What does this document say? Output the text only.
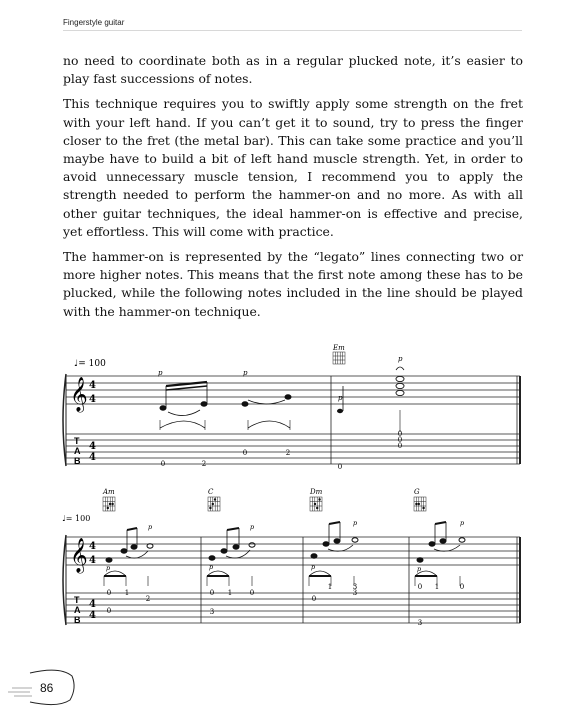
Fingerstyle guitar

no need to coordinate both as in a regular plucked note, it’s easier to play fast successions of notes.

This technique requires you to swiftly apply some strength on the fret with your left hand. If you can’t get it to sound, try to press the finger closer to the fret (the metal bar). This can take some practice and you’ll maybe have to build a bit of left hand muscle strength. Yet, in order to avoid unnecessary muscle tension, I recommend you to apply the strength needed to perform the hammer-on and no more. As with all other guitar techniques, the ideal hammer-on is effective and precise, yet effortless. This will come with practice.

The hammer-on is represented by the “legato” lines connecting two or more higher notes. This means that the first note among these has to be plucked, while the following notes included in the line should be played with the hammer-on technique.

♩= 100
𝄞 4
4
T
A
B
4
4
p	p
p
p
Em
0	2
0	2
0
0
0
0
♩= 100
𝄞 4
4
T
A
B
4
4
Am	C	Dm	G
p
p
p
p
p
p
p
p
0 1
2
0
0 1	0
3
0
1	3
3
0 1	0
3
86
